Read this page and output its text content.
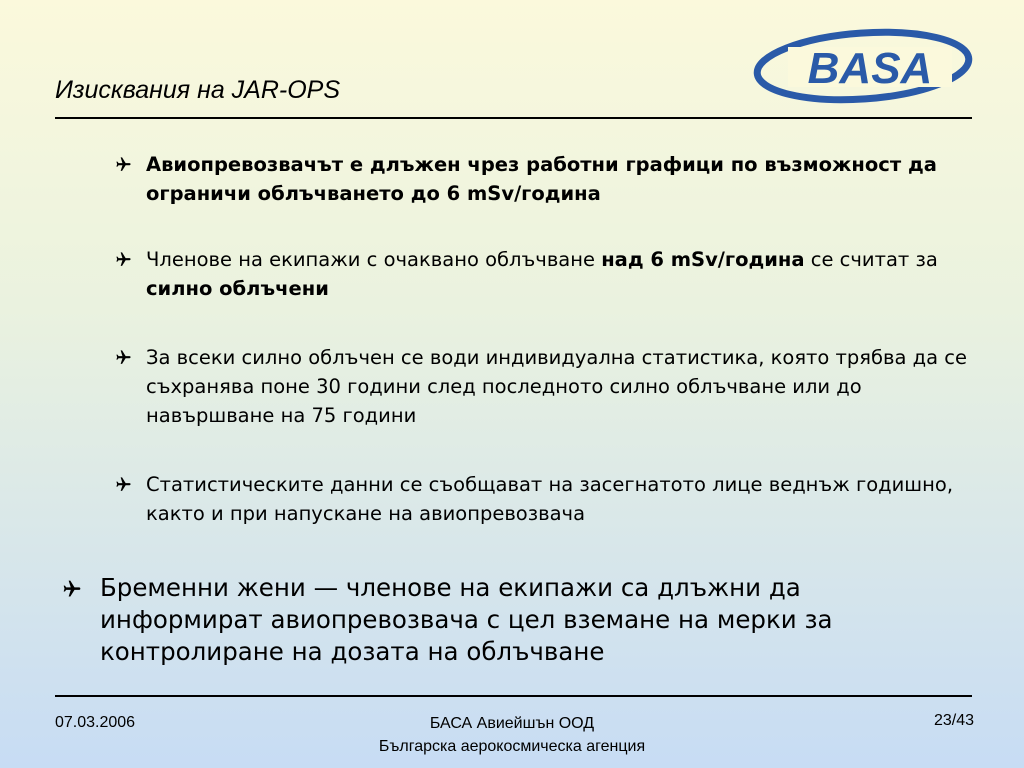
Изисквания на JAR-OPS	BASA
Авиопревозвачът е длъжен чрез работни графици по възможност да ограничи облъчването до 6 mSv/година
Членове на екипажи с очаквано облъчване над 6 mSv/година се считат за силно облъчени
За всеки силно облъчен се води индивидуална статистика, която трябва да се съхранява поне 30 години след последното силно облъчване или до навършване на 75 години
Статистическите данни се съобщават на засегнатото лице веднъж годишно, както и при напускане на авиопревозвача
Бременни жени — членове на екипажи са длъжни да информират авиопревозвача с цел вземане на мерки за контролиране на дозата на облъчване
07.03.2006	БАСА Авиейшън ООД
Българска аерокосмическа агенция
23/43
